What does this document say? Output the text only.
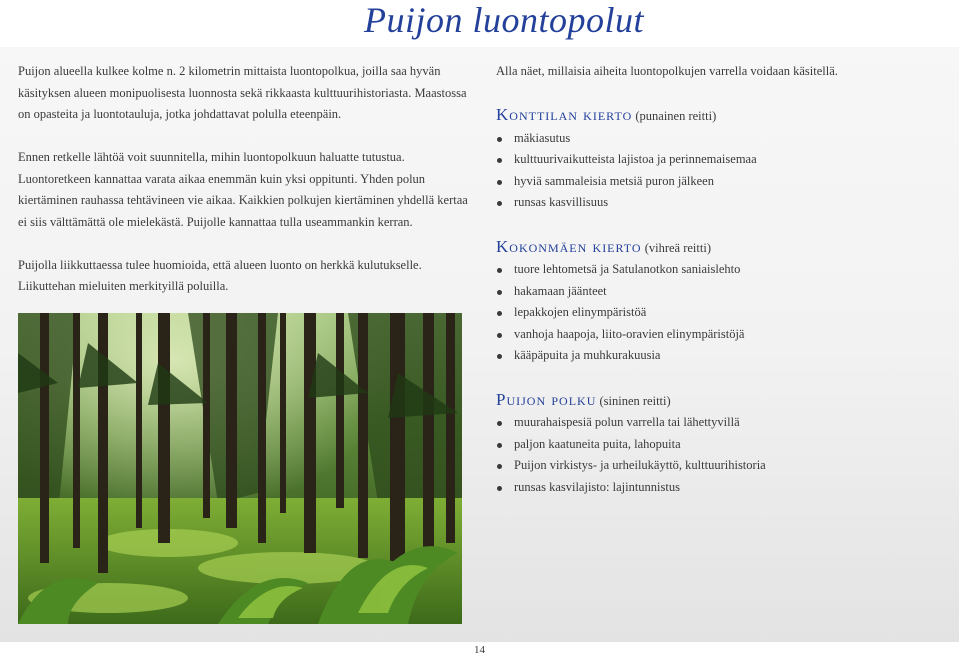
Puijon luontopolut

Puijon alueella kulkee kolme n. 2 kilometrin mittaista luontopolkua, joilla saa hyvän käsityksen alueen monipuolisesta luonnosta sekä rikkaasta kulttuurihistoriasta. Maastossa on opasteita ja luontotauluja, jotka johdattavat polulla eteenpäin.

Ennen retkelle lähtöä voit suunnitella, mihin luontopolkuun haluatte tutustua. Luontoretkeen kannattaa varata aikaa enemmän kuin yksi oppitunti. Yhden polun kiertäminen rauhassa tehtävineen vie aikaa. Kaikkien polkujen kiertäminen yhdellä kertaa ei siis välttämättä ole mielekästä. Puijolle kannattaa tulla useammankin kerran.

Puijolla liikkuttaessa tulee huomioida, että alueen luonto on herkkä kulutukselle. Liikuttehan mieluiten merkityillä poluilla.

Alla näet, millaisia aiheita luontopolkujen varrella voidaan käsitellä.

Konttilan kierto (punainen reitti)

mäkiasutus
kulttuurivaikutteista lajistoa ja perinnemaisemaa
hyviä sammaleisia metsiä puron jälkeen
runsas kasvillisuus

Kokonmäen kierto (vihreä reitti)

tuore lehtometsä ja Satulanotkon saniaislehto
hakamaan jäänteet
lepakkojen elinympäristöä
vanhoja haapoja, liito-oravien elinympäristöjä
kääpäpuita ja muhkurakuusia

Puijon polku (sininen reitti)

muurahaispesiä polun varrella tai lähettyvillä
paljon kaatuneita puita, lahopuita
Puijon virkistys- ja urheilukäyttö, kulttuurihistoria
runsas kasvilajisto: lajintunnistus
14
